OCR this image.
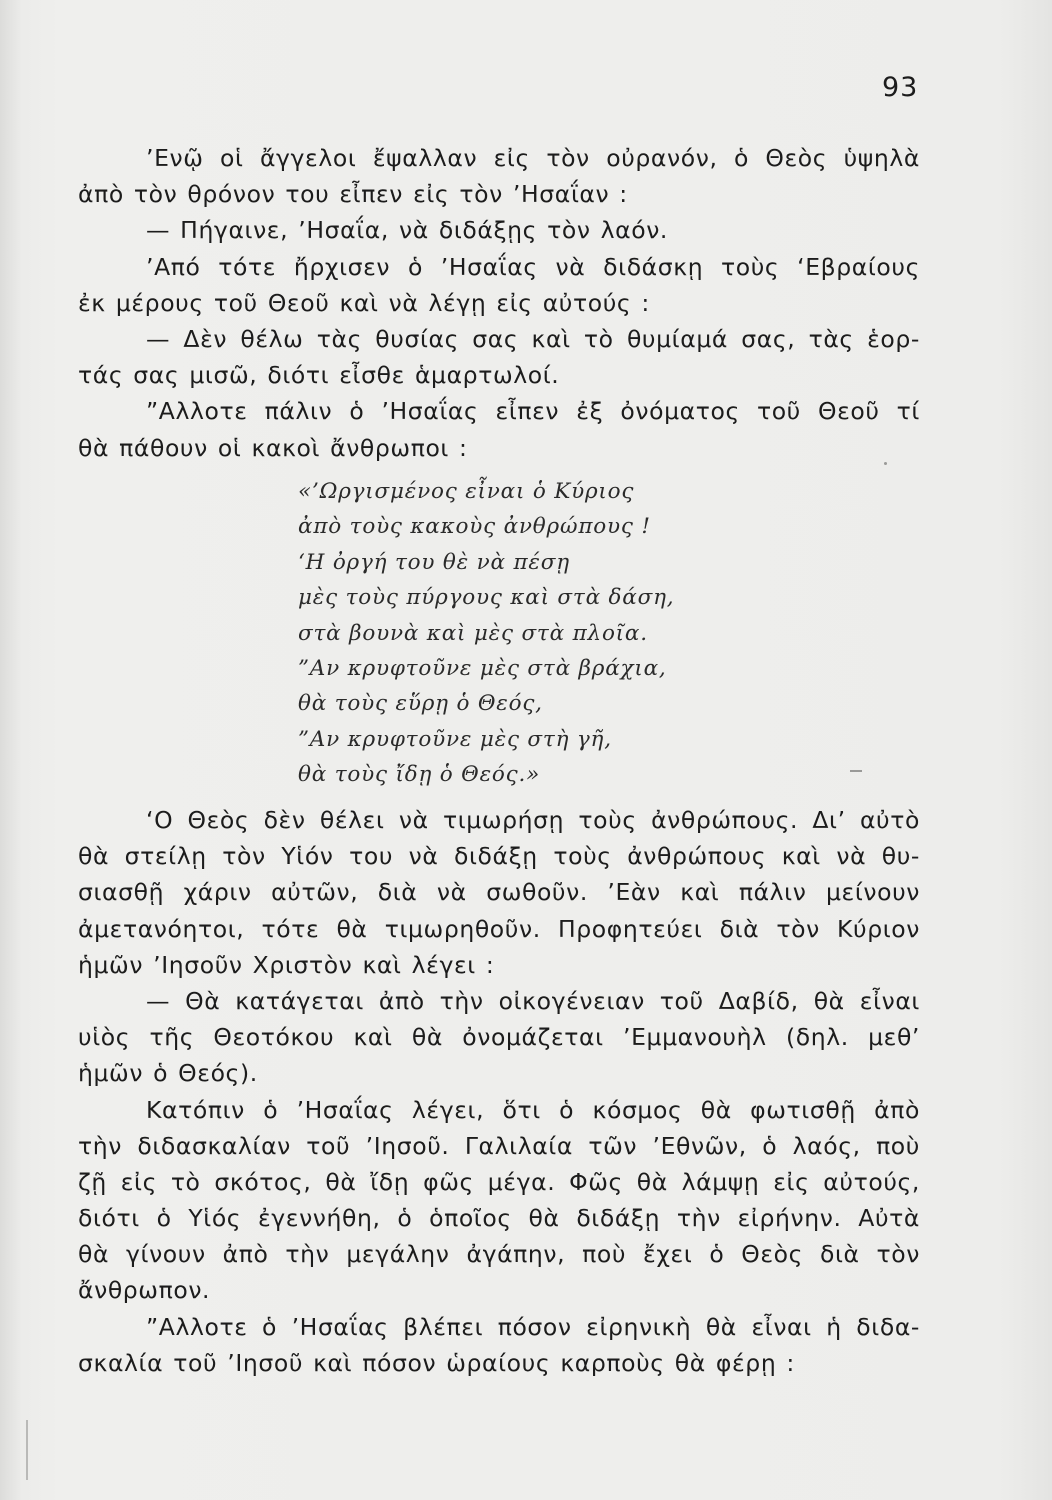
93
’Ενῷ οἱ ἄγγελοι ἔψαλλαν εἰς τὸν οὐρανόν, ὁ Θεὸς ὑψηλὰ
ἀπὸ τὸν θρόνον του εἶπεν εἰς τὸν ’Ησαΐαν :
— Πήγαινε, ’Ησαΐα, νὰ διδάξῃς τὸν λαόν.
’Από τότε ἤρχισεν ὁ ’Ησαΐας νὰ διδάσκῃ τοὺς ‘Εβραίους
ἐκ μέρους τοῦ Θεοῦ καὶ νὰ λέγῃ εἰς αὐτούς :
— Δὲν θέλω τὰς θυσίας σας καὶ τὸ θυμίαμά σας, τὰς ἑορ-
τάς σας μισῶ, διότι εἶσθε ἁμαρτωλοί.
”Αλλοτε πάλιν ὁ ’Ησαΐας εἶπεν ἐξ ὀνόματος τοῦ Θεοῦ τί
θὰ πάθουν οἱ κακοὶ ἄνθρωποι :
«’Ωργισμένος εἶναι ὁ Κύριος
ἀπὸ τοὺς κακοὺς ἀνθρώπους !
‘Η ὀργή του θὲ νὰ πέσῃ
μὲς τοὺς πύργους καὶ στὰ δάση,
στὰ βουνὰ καὶ μὲς στὰ πλοῖα.
”Αν κρυφτοῦνε μὲς στὰ βράχια,
θὰ τοὺς εὕρῃ ὁ Θεός,
”Αν κρυφτοῦνε μὲς στὴ γῆ,
θὰ τοὺς ἴδῃ ὁ Θεός.»
‘Ο Θεὸς δὲν θέλει νὰ τιμωρήσῃ τοὺς ἀνθρώπους. Δι’ αὐτὸ
θὰ στείλῃ τὸν Υἱόν του νὰ διδάξῃ τοὺς ἀνθρώπους καὶ νὰ θυ-
σιασθῇ χάριν αὐτῶν, διὰ νὰ σωθοῦν. ’Εὰν καὶ πάλιν μείνουν
ἀμετανόητοι, τότε θὰ τιμωρηθοῦν. Προφητεύει διὰ τὸν Κύριον
ἡμῶν ’Ιησοῦν Χριστὸν καὶ λέγει :
— Θὰ κατάγεται ἀπὸ τὴν οἰκογένειαν τοῦ Δαβίδ, θὰ εἶναι
υἱὸς τῆς Θεοτόκου καὶ θὰ ὀνομάζεται ’Εμμανουὴλ (δηλ. μεθ’
ἡμῶν ὁ Θεός).
Κατόπιν ὁ ’Ησαΐας λέγει, ὅτι ὁ κόσμος θὰ φωτισθῇ ἀπὸ
τὴν διδασκαλίαν τοῦ ’Ιησοῦ. Γαλιλαία τῶν ’Εθνῶν, ὁ λαός, ποὺ
ζῇ εἰς τὸ σκότος, θὰ ἴδῃ φῶς μέγα. Φῶς θὰ λάμψῃ εἰς αὐτούς,
διότι ὁ Υἱός ἐγεννήθη, ὁ ὁποῖος θὰ διδάξῃ τὴν εἰρήνην. Αὐτὰ
θὰ γίνουν ἀπὸ τὴν μεγάλην ἀγάπην, ποὺ ἔχει ὁ Θεὸς διὰ τὸν
ἄνθρωπον.
”Αλλοτε ὁ ’Ησαΐας βλέπει πόσον εἰρηνικὴ θὰ εἶναι ἡ διδα-
σκαλία τοῦ ’Ιησοῦ καὶ πόσον ὡραίους καρποὺς θὰ φέρῃ :
